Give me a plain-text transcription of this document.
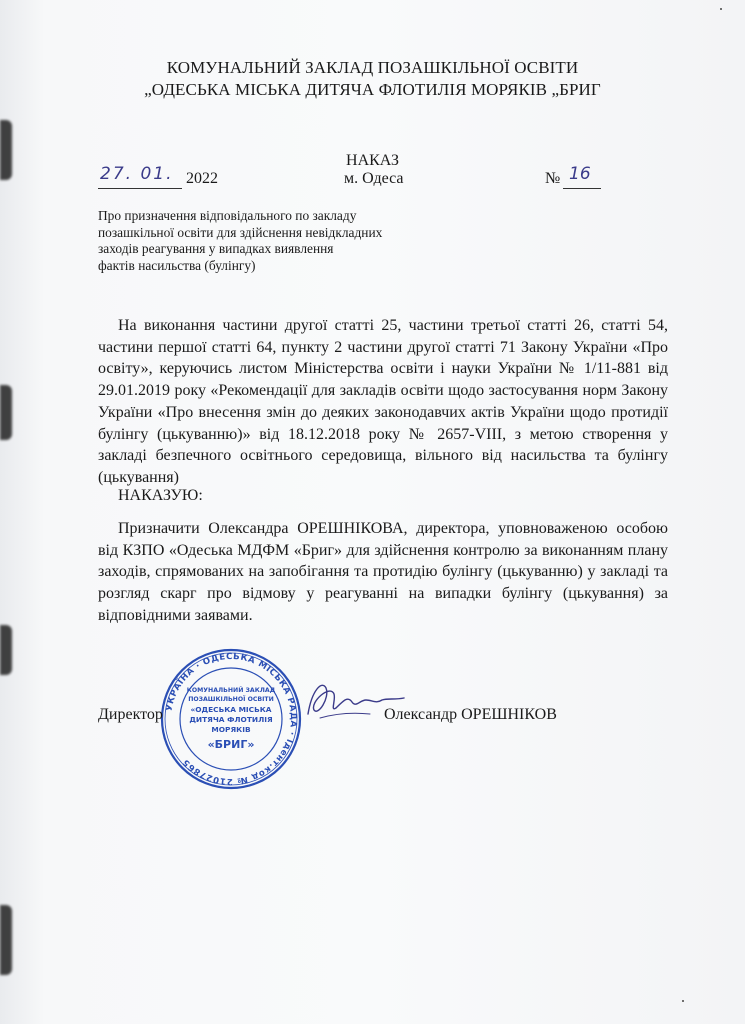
КОМУНАЛЬНИЙ ЗАКЛАД ПОЗАШКІЛЬНОЇ ОСВІТИ
„ОДЕСЬКА МІСЬКА ДИТЯЧА ФЛОТИЛІЯ МОРЯКІВ „БРИГ
НАКАЗ
27. 01. 2022	м. Одеса	№ 16
Про призначення відповідального по закладу
позашкільної освіти для здійснення невідкладних
заходів реагування у випадках виявлення
фактів насильства (булінгу)
На виконання частини другої статті 25, частини третьої статті 26, статті 54, частини першої статті 64, пункту 2 частини другої статті 71 Закону України «Про освіту», керуючись листом Міністерства освіти і науки України № 1/11-881 від 29.01.2019 року «Рекомендації для закладів освіти щодо застосування норм Закону України «Про внесення змін до деяких законодавчих актів України щодо протидії булінгу (цькуванню)» від 18.12.2018 року № 2657-VIII, з метою створення у закладі безпечного освітнього середовища, вільного від насильства та булінгу (цькування)
НАКАЗУЮ:
Призначити Олександра ОРЕШНІКОВА, директора, уповноваженою особою від КЗПО «Одеська МДФМ «Бриг» для здійснення контролю за виконанням плану заходів, спрямованих на запобігання та протидію булінгу (цькуванню) у закладі та розгляд скарг про відмову у реагуванні на випадки булінгу (цькування) за відповідними заявами.
УКРАЇНА · ОДЕСЬКА МІСЬКА РАДА · Ідент.код № 21027865
КОМУНАЛЬНИЙ ЗАКЛАД
ПОЗАШКІЛЬНОЇ ОСВІТИ
«ОДЕСЬКА МІСЬКА
ДИТЯЧА ФЛОТИЛІЯ
МОРЯКІВ
«БРИГ»
Директор	Олександр ОРЕШНІКОВ
